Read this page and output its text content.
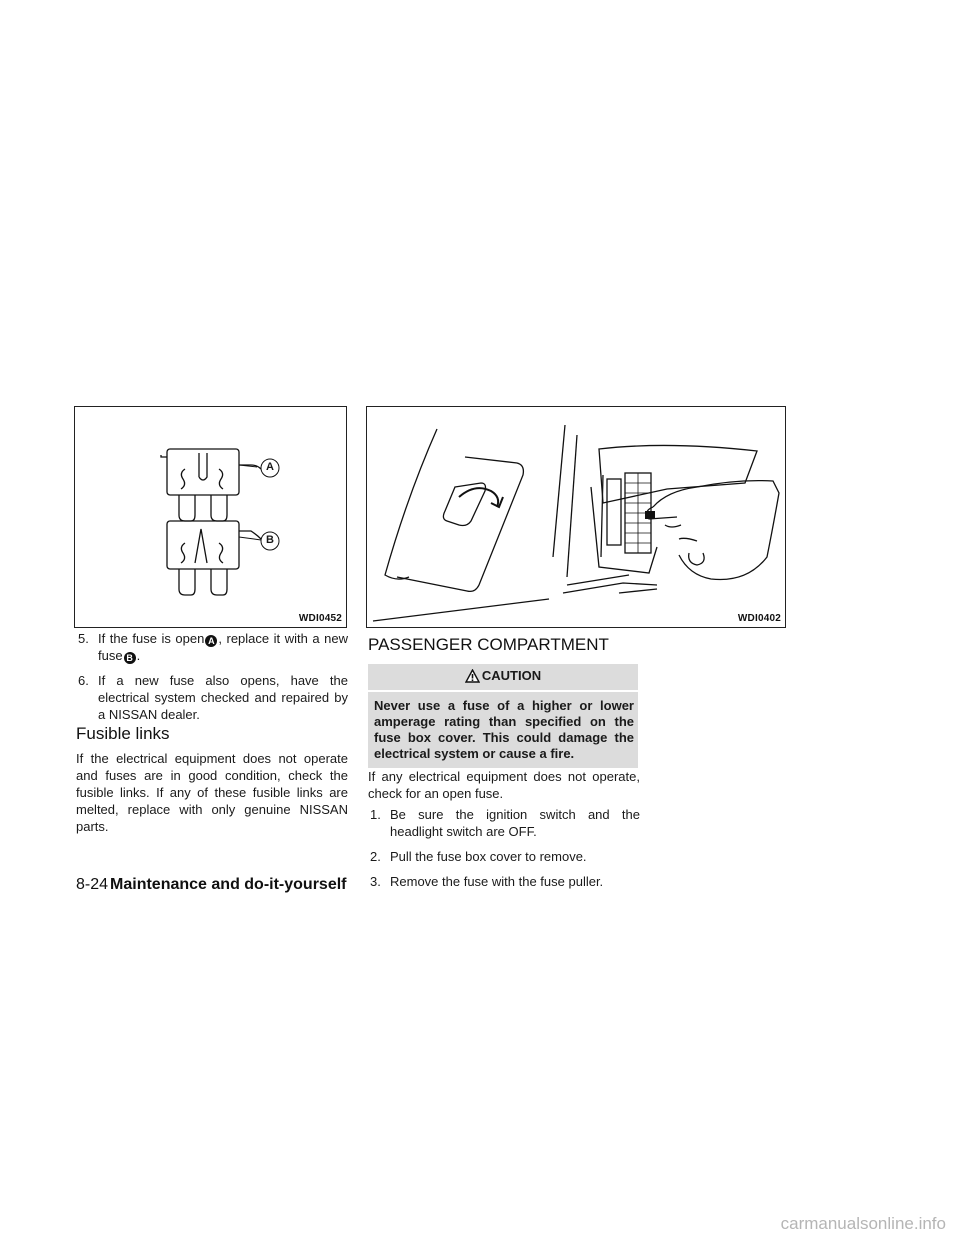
A
B
WDI0452	WDI0402
5. If the fuse is open A , replace it with a new fuse B .
6. If a new fuse also opens, have the electrical system checked and repaired by a NISSAN dealer.
Fusible links

If the electrical equipment does not operate and fuses are in good condition, check the fusible links. If any of these fusible links are melted, replace with only genuine NISSAN parts.

PASSENGER COMPARTMENT
CAUTION
Never use a fuse of a higher or lower amperage rating than specified on the fuse box cover. This could damage the electrical system or cause a fire.

If any electrical equipment does not operate, check for an open fuse.

1. Be sure the ignition switch and the headlight switch are OFF.
2. Pull the fuse box cover to remove.
3. Remove the fuse with the fuse puller.
8-24 Maintenance and do-it-yourself
carmanualsonline.info
